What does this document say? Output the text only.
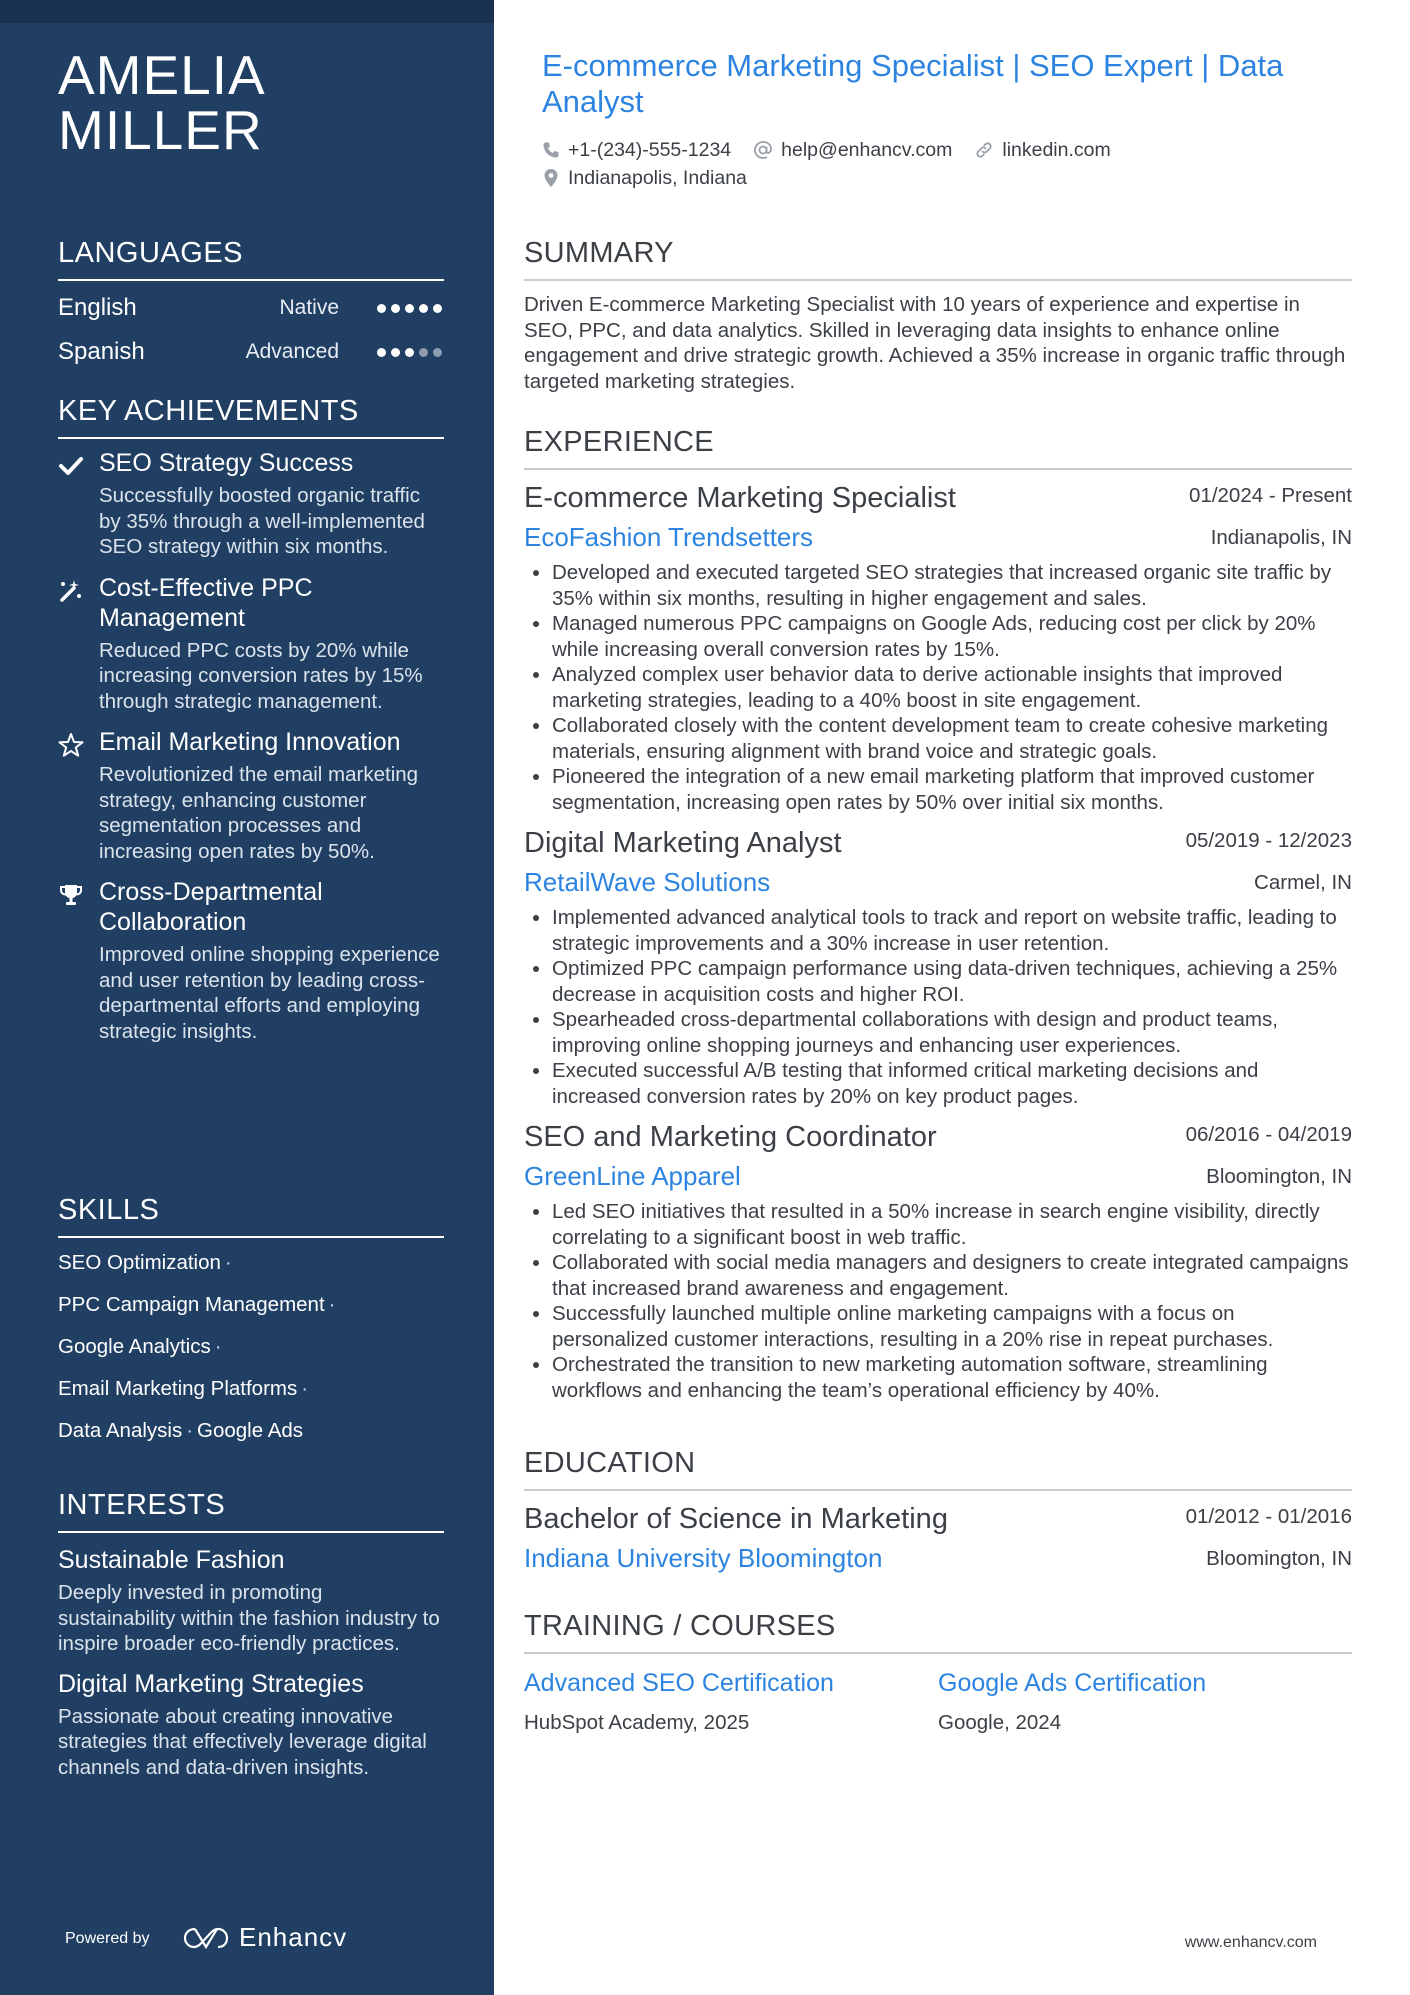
AMELIA
MILLER
LANGUAGES
English	Native
Spanish	Advanced
KEY ACHIEVEMENTS
SEO Strategy Success
Successfully boosted organic traffic by 35% through a well-implemented SEO strategy within six months.
Cost-Effective PPC Management
Reduced PPC costs by 20% while increasing conversion rates by 15% through strategic management.
Email Marketing Innovation
Revolutionized the email marketing strategy, enhancing customer segmentation processes and increasing open rates by 50%.
Cross-Departmental Collaboration
Improved online shopping experience and user retention by leading cross-departmental efforts and employing strategic insights.
SKILLS
SEO Optimization ·
PPC Campaign Management ·
Google Analytics ·
Email Marketing Platforms ·
Data Analysis · Google Ads
INTERESTS
Sustainable Fashion
Deeply invested in promoting sustainability within the fashion industry to inspire broader eco-friendly practices.
Digital Marketing Strategies
Passionate about creating innovative strategies that effectively leverage digital channels and data-driven insights.
Powered by	Enhancv
E-commerce Marketing Specialist | SEO Expert | Data Analyst
+1-(234)-555-1234	help@enhancv.com	linkedin.com
Indianapolis, Indiana
SUMMARY
Driven E-commerce Marketing Specialist with 10 years of experience and expertise in SEO, PPC, and data analytics. Skilled in leveraging data insights to enhance online engagement and drive strategic growth. Achieved a 35% increase in organic traffic through targeted marketing strategies.
EXPERIENCE
E-commerce Marketing Specialist	01/2024 - Present
EcoFashion Trendsetters	Indianapolis, IN
• Developed and executed targeted SEO strategies that increased organic site traffic by 35% within six months, resulting in higher engagement and sales.
• Managed numerous PPC campaigns on Google Ads, reducing cost per click by 20% while increasing overall conversion rates by 15%.
• Analyzed complex user behavior data to derive actionable insights that improved marketing strategies, leading to a 40% boost in site engagement.
• Collaborated closely with the content development team to create cohesive marketing materials, ensuring alignment with brand voice and strategic goals.
• Pioneered the integration of a new email marketing platform that improved customer segmentation, increasing open rates by 50% over initial six months.
Digital Marketing Analyst	05/2019 - 12/2023
RetailWave Solutions	Carmel, IN
• Implemented advanced analytical tools to track and report on website traffic, leading to strategic improvements and a 30% increase in user retention.
• Optimized PPC campaign performance using data-driven techniques, achieving a 25% decrease in acquisition costs and higher ROI.
• Spearheaded cross-departmental collaborations with design and product teams, improving online shopping journeys and enhancing user experiences.
• Executed successful A/B testing that informed critical marketing decisions and increased conversion rates by 20% on key product pages.
SEO and Marketing Coordinator	06/2016 - 04/2019
GreenLine Apparel	Bloomington, IN
• Led SEO initiatives that resulted in a 50% increase in search engine visibility, directly correlating to a significant boost in web traffic.
• Collaborated with social media managers and designers to create integrated campaigns that increased brand awareness and engagement.
• Successfully launched multiple online marketing campaigns with a focus on personalized customer interactions, resulting in a 20% rise in repeat purchases.
• Orchestrated the transition to new marketing automation software, streamlining workflows and enhancing the team’s operational efficiency by 40%.
EDUCATION
Bachelor of Science in Marketing	01/2012 - 01/2016
Indiana University Bloomington	Bloomington, IN
TRAINING / COURSES
Advanced SEO Certification
HubSpot Academy, 2025
Google Ads Certification
Google, 2024
www.enhancv.com
